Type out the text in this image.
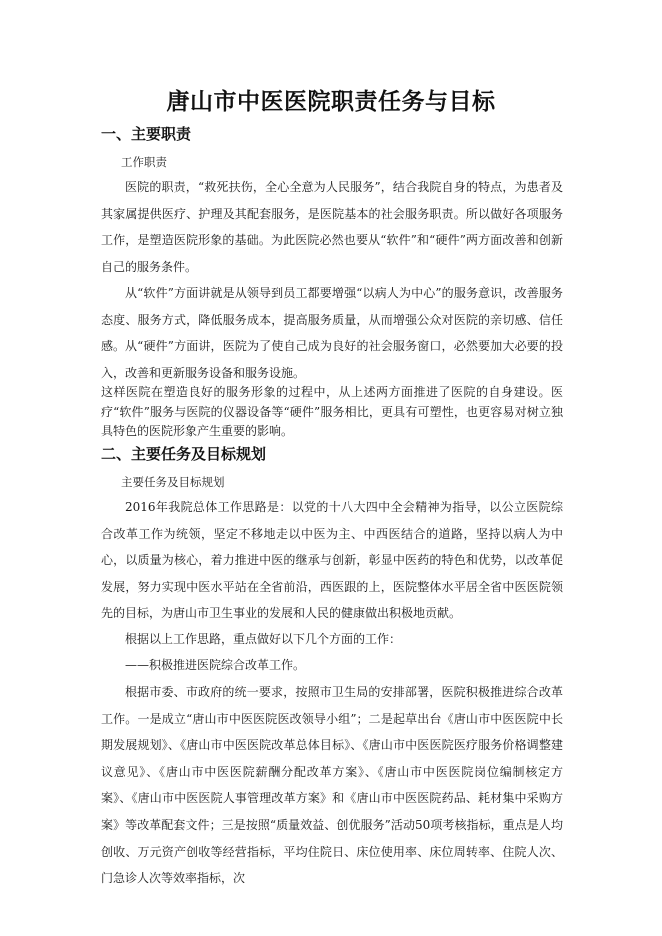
唐山市中医医院职责任务与目标
一、主要职责
工作职责
医院的职责，“救死扶伤，全心全意为人民服务”，结合我院自身的特点，为患者及其家属提供医疗、护理及其配套服务，是医院基本的社会服务职责。所以做好各项服务工作，是塑造医院形象的基础。为此医院必然也要从“软件”和“硬件”两方面改善和创新自己的服务条件。
从“软件”方面讲就是从领导到员工都要增强“以病人为中心”的服务意识，改善服务态度、服务方式，降低服务成本，提高服务质量，从而增强公众对医院的亲切感、信任感。 从“硬件”方面讲，医院为了使自己成为良好的社会服务窗口，必然要加大必要的投入，改善和更新服务设备和服务设施。
这样医院在塑造良好的服务形象的过程中，从上述两方面推进了医院的自身建设。医疗“软件”服务与医院的仪器设备等“硬件”服务相比，更具有可塑性，也更容易对树立独具特色的医院形象产生重要的影响。
二、主要任务及目标规划
主要任务及目标规划
2016年我院总体工作思路是：以党的十八大四中全会精神为指导，以公立医院综合改革工作为统领，坚定不移地走以中医为主、中西医结合的道路，坚持以病人为中心，以质量为核心，着力推进中医的继承与创新，彰显中医药的特色和优势，以改革促发展，努力实现中医水平站在全省前沿，西医跟的上，医院整体水平居全省中医医院领先的目标，为唐山市卫生事业的发展和人民的健康做出积极地贡献。
根据以上工作思路，重点做好以下几个方面的工作：
——积极推进医院综合改革工作。
根据市委、市政府的统一要求，按照市卫生局的安排部署，医院积极推进综合改革工作。一是成立“唐山市中医医院医改领导小组”；二是起草出台《唐山市中医医院中长期发展规划》、《唐山市中医医院改革总体目标》、《唐山市中医医院医疗服务价格调整建议意见》、《唐山市中医医院薪酬分配改革方案》、《唐山市中医医院岗位编制核定方案》、《唐山市中医医院人事管理改革方案》和《唐山市中医医院药品、耗材集中采购方案》等改革配套文件；三是按照“质量效益、创优服务”活动50项考核指标，重点是人均创收、万元资产创收等经营指标，平均住院日、床位使用率、床位周转率、住院人次、门急诊人次等效率指标，次
